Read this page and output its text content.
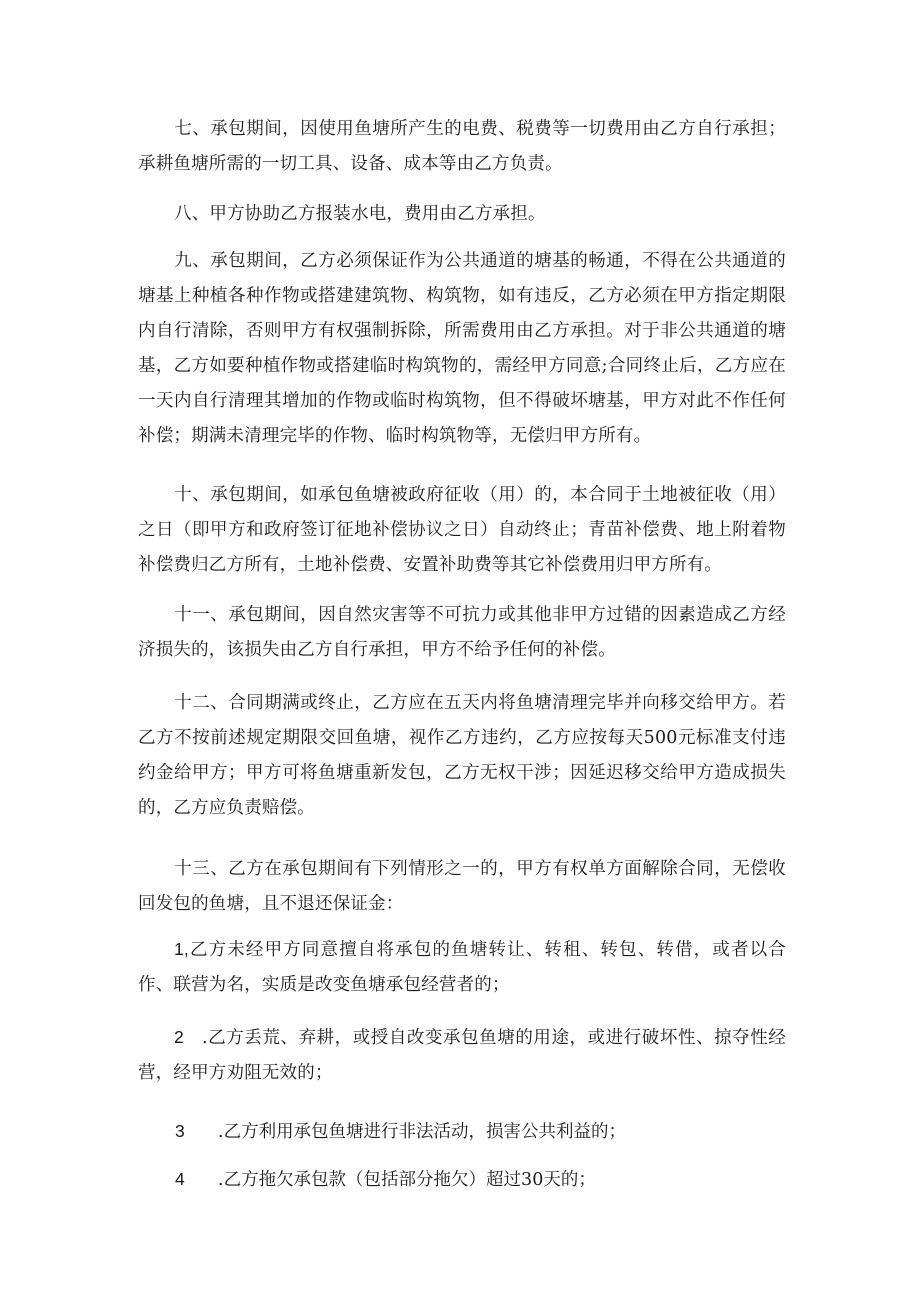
七、承包期间，因使用鱼塘所产生的电费、税费等一切费用由乙方自行承担；承耕鱼塘所需的一切工具、设备、成本等由乙方负责。

八、甲方协助乙方报装水电，费用由乙方承担。

九、承包期间，乙方必须保证作为公共通道的塘基的畅通，不得在公共通道的塘基上种植各种作物或搭建建筑物、构筑物，如有违反，乙方必须在甲方指定期限内自行清除，否则甲方有权强制拆除，所需费用由乙方承担。对于非公共通道的塘基，乙方如要种植作物或搭建临时构筑物的，需经甲方同意;合同终止后，乙方应在一天内自行清理其增加的作物或临时构筑物，但不得破坏塘基，甲方对此不作任何补偿；期满未清理完毕的作物、临时构筑物等，无偿归甲方所有。

十、承包期间，如承包鱼塘被政府征收（用）的，本合同于土地被征收（用）之日（即甲方和政府签订征地补偿协议之日）自动终止；青苗补偿费、地上附着物补偿费归乙方所有，土地补偿费、安置补助费等其它补偿费用归甲方所有。

十一、承包期间，因自然灾害等不可抗力或其他非甲方过错的因素造成乙方经济损失的，该损失由乙方自行承担，甲方不给予任何的补偿。

十二、合同期满或终止，乙方应在五天内将鱼塘清理完毕并向移交给甲方。若乙方不按前述规定期限交回鱼塘，视作乙方违约，乙方应按每天500元标准支付违约金给甲方；甲方可将鱼塘重新发包，乙方无权干涉；因延迟移交给甲方造成损失的，乙方应负责赔偿。

十三、乙方在承包期间有下列情形之一的，甲方有权单方面解除合同，无偿收回发包的鱼塘，且不退还保证金：

1,乙方未经甲方同意擅自将承包的鱼塘转让、转租、转包、转借，或者以合作、联营为名，实质是改变鱼塘承包经营者的；

2 .乙方丢荒、弃耕，或授自改变承包鱼塘的用途，或进行破坏性、掠夺性经营，经甲方劝阻无效的；

3 .乙方利用承包鱼塘进行非法活动，损害公共利益的；

4 .乙方拖欠承包款（包括部分拖欠）超过30天的；
